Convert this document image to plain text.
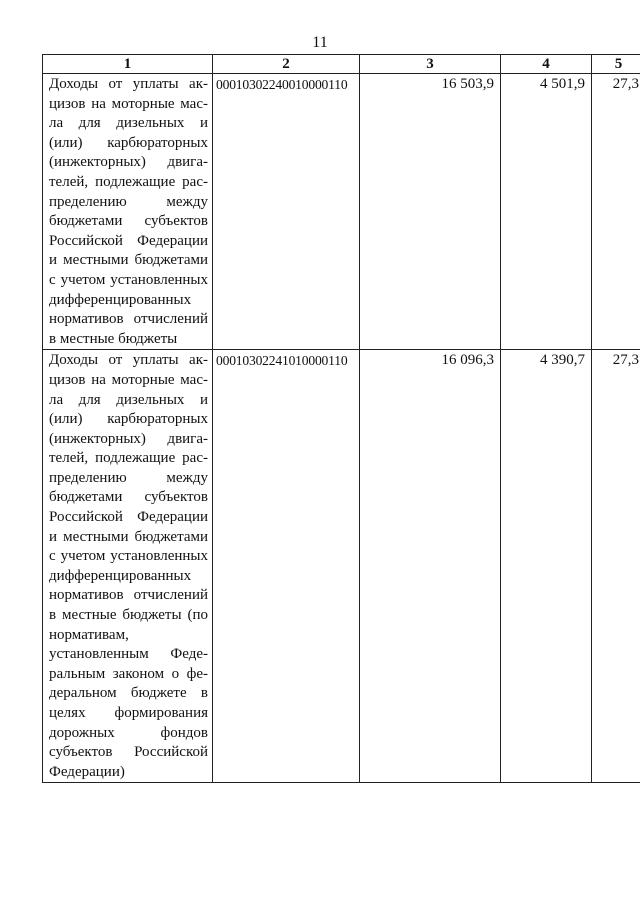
11
1	2	3	4	5
Доходы от уплаты акцизов на моторные масла для дизельных и (или) карбюраторных (инжекторных) двигателей, подлежащие распределению между бюджетами субъектов Российской Федерации и местными бюджетами с учетом установленных дифференцированных нормативов отчислений в местные бюджеты	00010302240010000110	16 503,9	4 501,9	27,3
Доходы от уплаты акцизов на моторные масла для дизельных и (или) карбюраторных (инжекторных) двигателей, подлежащие распределению между бюджетами субъектов Российской Федерации и местными бюджетами с учетом установленных дифференцированных нормативов отчислений в местные бюджеты (по нормативам, установленным Федеральным законом о федеральном бюджете в целях формирования дорожных фондов субъектов Российской Федерации)	00010302241010000110	16 096,3	4 390,7	27,3
